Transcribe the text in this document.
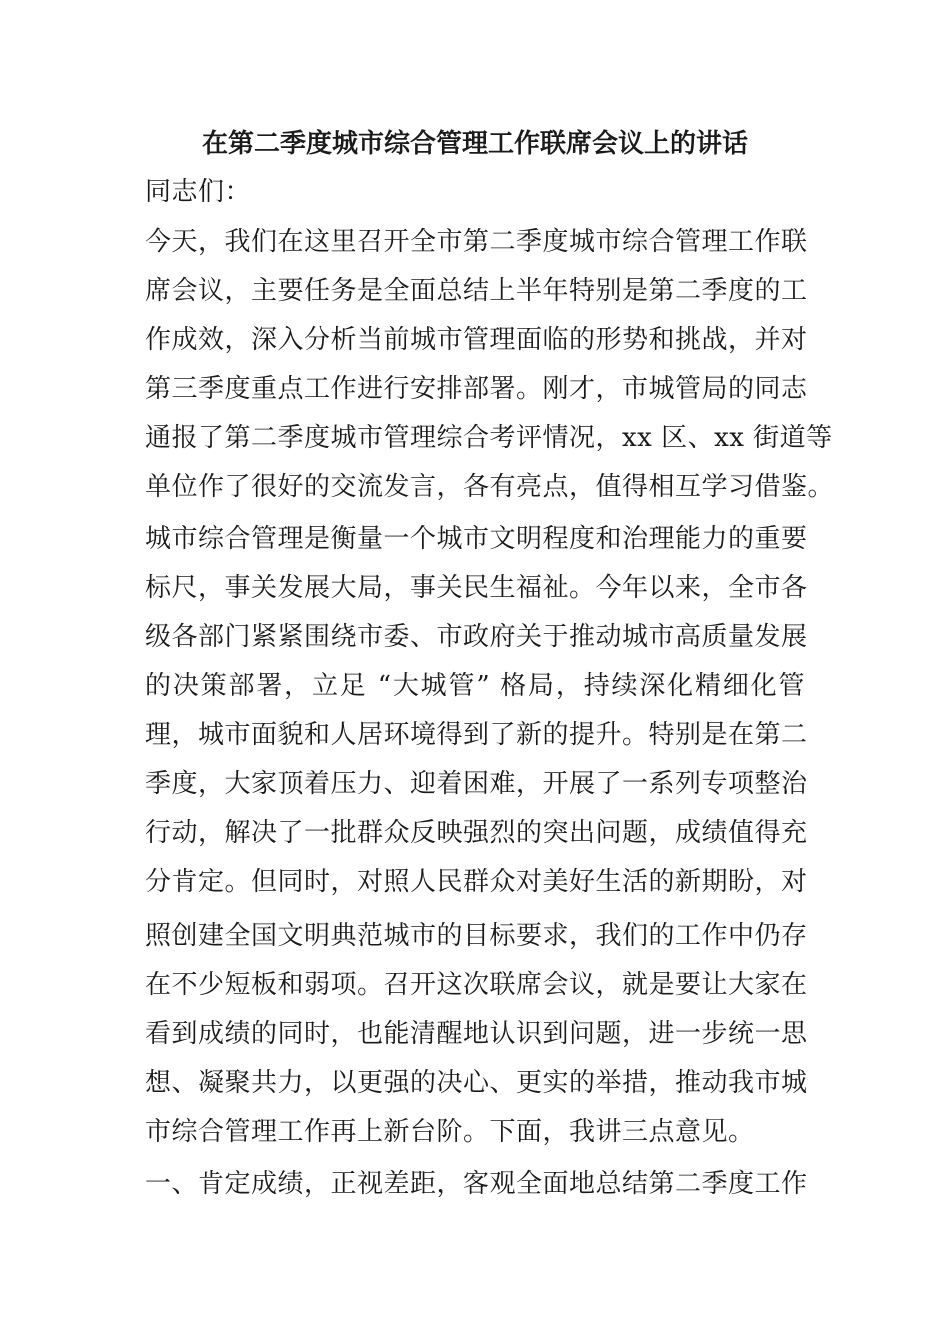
在第二季度城市综合管理工作联席会议上的讲话
同志们：
今天，我们在这里召开全市第二季度城市综合管理工作联
席会议，主要任务是全面总结上半年特别是第二季度的工
作成效，深入分析当前城市管理面临的形势和挑战，并对
第三季度重点工作进行安排部署。刚才，市城管局的同志
通报了第二季度城市管理综合考评情况，xx 区、xx 街道等
单位作了很好的交流发言，各有亮点，值得相互学习借鉴。
城市综合管理是衡量一个城市文明程度和治理能力的重要
标尺，事关发展大局，事关民生福祉。今年以来，全市各
级各部门紧紧围绕市委、市政府关于推动城市高质量发展
的决策部署，立足 “大城管” 格局，持续深化精细化管
理，城市面貌和人居环境得到了新的提升。特别是在第二
季度，大家顶着压力、迎着困难，开展了一系列专项整治
行动，解决了一批群众反映强烈的突出问题，成绩值得充
分肯定。但同时，对照人民群众对美好生活的新期盼，对
照创建全国文明典范城市的目标要求，我们的工作中仍存
在不少短板和弱项。召开这次联席会议，就是要让大家在
看到成绩的同时，也能清醒地认识到问题，进一步统一思
想、凝聚共力，以更强的决心、更实的举措，推动我市城
市综合管理工作再上新台阶。下面，我讲三点意见。
一、肯定成绩，正视差距，客观全面地总结第二季度工作
